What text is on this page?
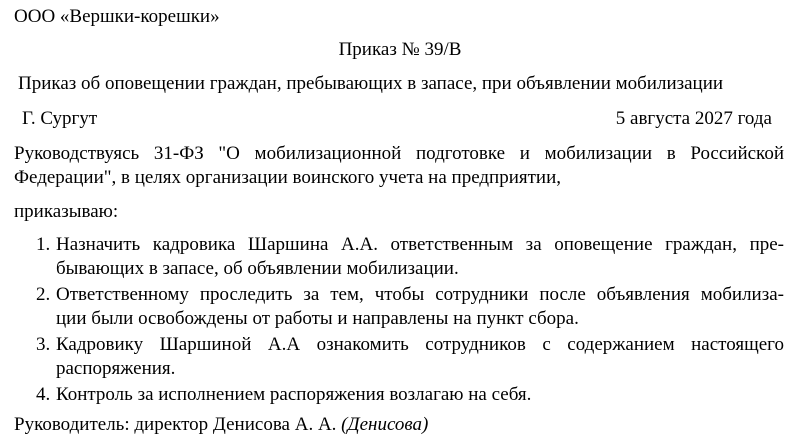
ООО «Вершки-корешки»
Приказ № 39/В
Приказ об оповещении граждан, пребывающих в запасе, при объявлении мобилизации
Г. Сургут	5 августа 2027 года
Руководствуясь 31-ФЗ "О мобилизационной подготовке и мобилизации в Российской
Федерации", в целях организации воинского учета на предприятии,
приказываю:
1. Назначить кадровика Шаршина А.А. ответственным за оповещение граждан, пре-
бывающих в запасе, об объявлении мобилизации.
2. Ответственному проследить за тем, чтобы сотрудники после объявления мобилиза-
ции были освобождены от работы и направлены на пункт сбора.
3. Кадровику Шаршиной А.А ознакомить сотрудников с содержанием настоящего
распоряжения.
4. Контроль за исполнением распоряжения возлагаю на себя.
Руководитель: директор Денисова А. А. (Денисова)
